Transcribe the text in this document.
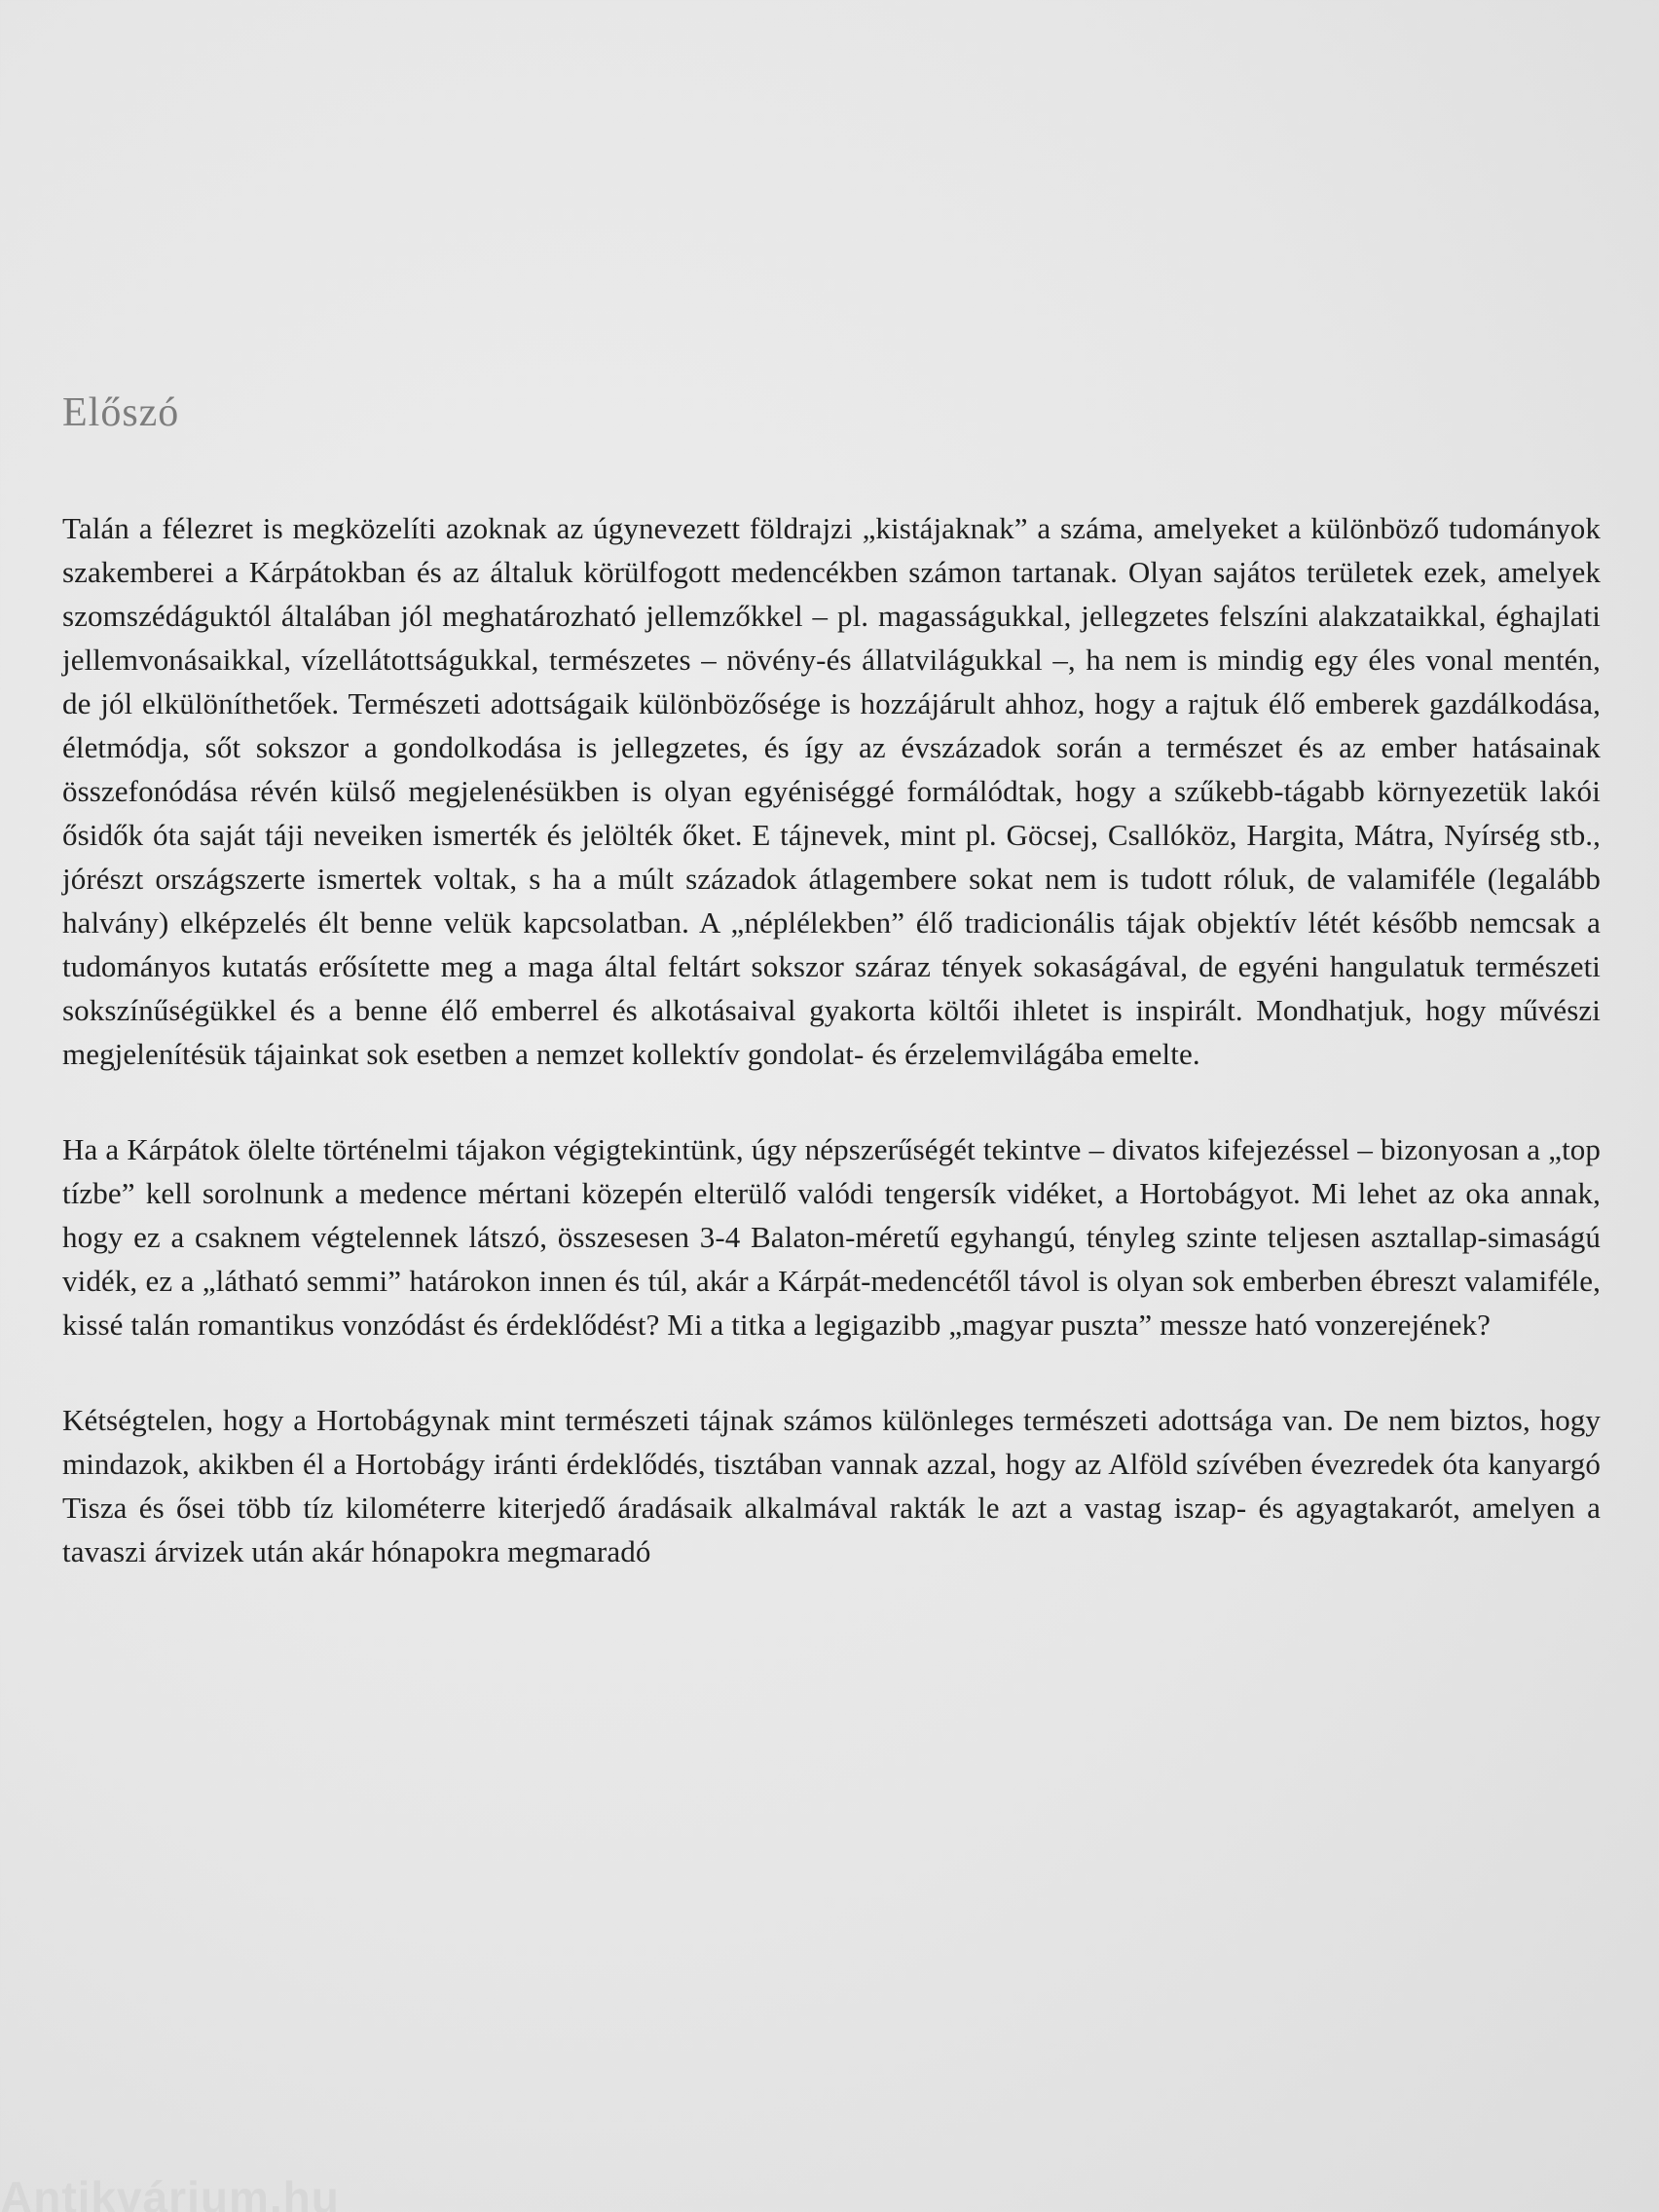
Előszó

Talán a félezret is megközelíti azoknak az úgynevezett földrajzi „kistájaknak” a száma, amelyeket a különböző tudományok szakemberei a Kárpátokban és az általuk körülfogott medencékben számon tartanak. Olyan sajátos területek ezek, amelyek szomszédáguktól általában jól meghatározható jellemzőkkel – pl. magasságukkal, jellegzetes felszíni alakzataikkal, éghajlati jellemvonásaikkal, vízellátottságukkal, természetes – növény-és állatvilágukkal –, ha nem is mindig egy éles vonal mentén, de jól elkülöníthetőek. Természeti adottságaik különbözősége is hozzájárult ahhoz, hogy a rajtuk élő emberek gazdálkodása, életmódja, sőt sokszor a gondolkodása is jellegzetes, és így az évszázadok során a természet és az ember hatásainak összefonódása révén külső megjelenésükben is olyan egyéniséggé formálódtak, hogy a szűkebb-tágabb környezetük lakói ősidők óta saját táji neveiken ismerték és jelölték őket. E tájnevek, mint pl. Göcsej, Csallóköz, Hargita, Mátra, Nyírség stb., jórészt országszerte ismertek voltak, s ha a múlt századok átlagembere sokat nem is tudott róluk, de valamiféle (legalább halvány) elképzelés élt benne velük kapcsolatban. A „néplélekben” élő tradicionális tájak objektív létét később nemcsak a tudományos kutatás erősítette meg a maga által feltárt sokszor száraz tények sokaságával, de egyéni hangulatuk természeti sokszínűségükkel és a benne élő emberrel és alkotásaival gyakorta költői ihletet is inspirált. Mondhatjuk, hogy művészi megjelenítésük tájainkat sok esetben a nemzet kollektív gondolat- és érzelemvilágába emelte.

Ha a Kárpátok ölelte történelmi tájakon végigtekintünk, úgy népszerűségét tekintve – divatos kifejezéssel – bizonyosan a „top tízbe” kell sorolnunk a medence mértani közepén elterülő valódi tengersík vidéket, a Hortobágyot. Mi lehet az oka annak, hogy ez a csaknem végtelennek látszó, összesesen 3-4 Balaton-méretű egyhangú, tényleg szinte teljesen asztallap-simaságú vidék, ez a „látható semmi” határokon innen és túl, akár a Kárpát-medencétől távol is olyan sok emberben ébreszt valamiféle, kissé talán romantikus vonzódást és érdeklődést? Mi a titka a legigazibb „magyar puszta” messze ható vonzerejének?

Kétségtelen, hogy a Hortobágynak mint természeti tájnak számos különleges természeti adottsága van. De nem biztos, hogy mindazok, akikben él a Hortobágy iránti érdeklődés, tisztában vannak azzal, hogy az Alföld szívében évezredek óta kanyargó Tisza és ősei több tíz kilométerre kiterjedő áradásaik alkalmával rakták le azt a vastag iszap- és agyagtakarót, amelyen a tavaszi árvizek után akár hónapokra megmaradó

Antikvárium.hu
